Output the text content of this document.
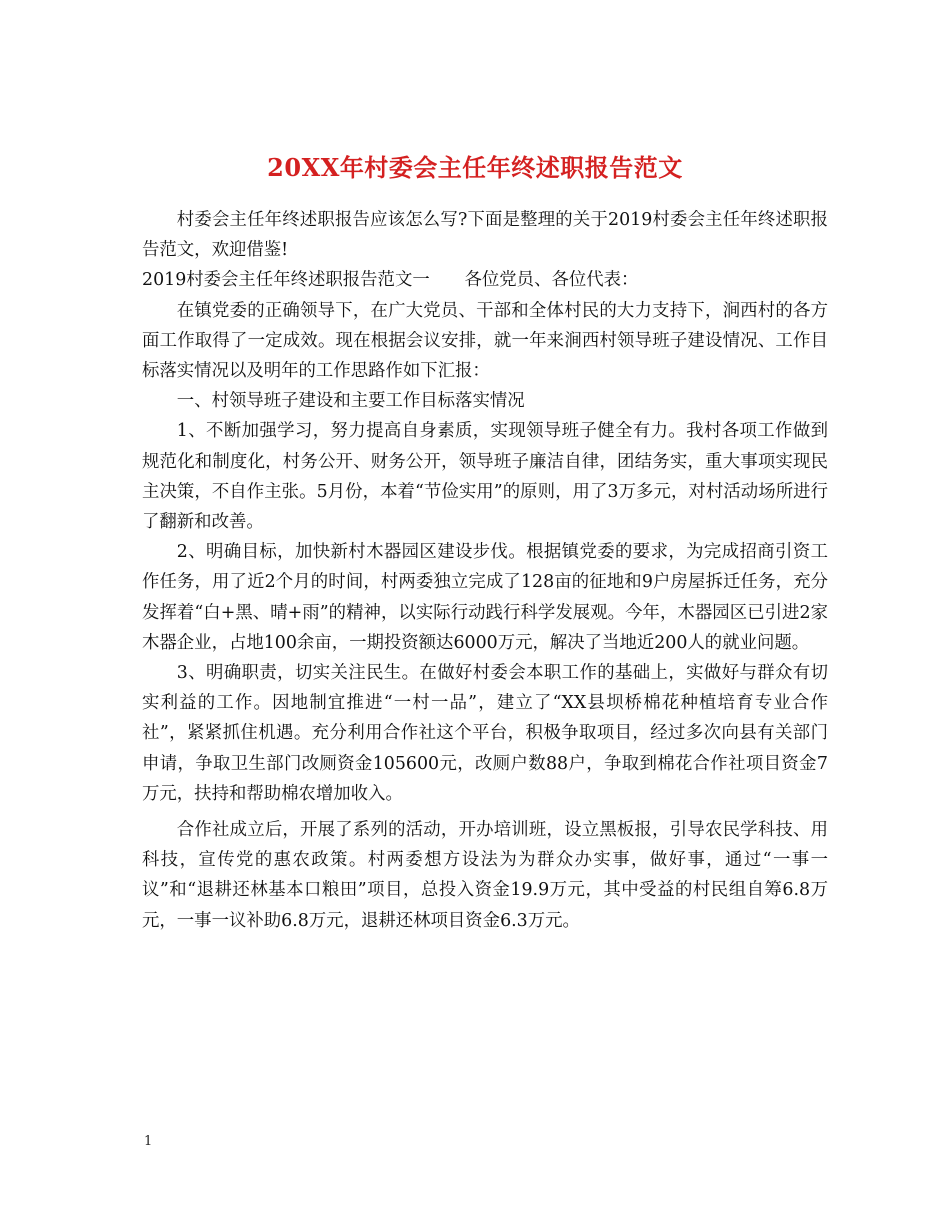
20XX年村委会主任年终述职报告范文

村委会主任年终述职报告应该怎么写?下面是整理的关于2019村委会主任年终述职报告范文，欢迎借鉴!

2019村委会主任年终述职报告范文一　　各位党员、各位代表：

在镇党委的正确领导下，在广大党员、干部和全体村民的大力支持下，涧西村的各方面工作取得了一定成效。现在根据会议安排，就一年来涧西村领导班子建设情况、工作目标落实情况以及明年的工作思路作如下汇报：

一、村领导班子建设和主要工作目标落实情况

1、不断加强学习，努力提高自身素质，实现领导班子健全有力。我村各项工作做到规范化和制度化，村务公开、财务公开，领导班子廉洁自律，团结务实，重大事项实现民主决策，不自作主张。5月份，本着“节俭实用”的原则，用了3万多元，对村活动场所进行了翻新和改善。

2、明确目标，加快新村木器园区建设步伐。根据镇党委的要求，为完成招商引资工作任务，用了近2个月的时间，村两委独立完成了128亩的征地和9户房屋拆迁任务，充分发挥着“白+黑、晴+雨”的精神，以实际行动践行科学发展观。今年，木器园区已引进2家木器企业，占地100余亩，一期投资额达6000万元，解决了当地近200人的就业问题。

3、明确职责，切实关注民生。在做好村委会本职工作的基础上，实做好与群众有切实利益的工作。因地制宜推进“一村一品”，建立了“XX县坝桥棉花种植培育专业合作社”，紧紧抓住机遇。充分利用合作社这个平台，积极争取项目，经过多次向县有关部门申请，争取卫生部门改厕资金105600元，改厕户数88户，争取到棉花合作社项目资金7万元，扶持和帮助棉农增加收入。

合作社成立后，开展了系列的活动，开办培训班，设立黑板报，引导农民学科技、用科技，宣传党的惠农政策。村两委想方设法为为群众办实事，做好事，通过“一事一议”和“退耕还林基本口粮田”项目，总投入资金19.9万元，其中受益的村民组自筹6.8万元，一事一议补助6.8万元，退耕还林项目资金6.3万元。

1
